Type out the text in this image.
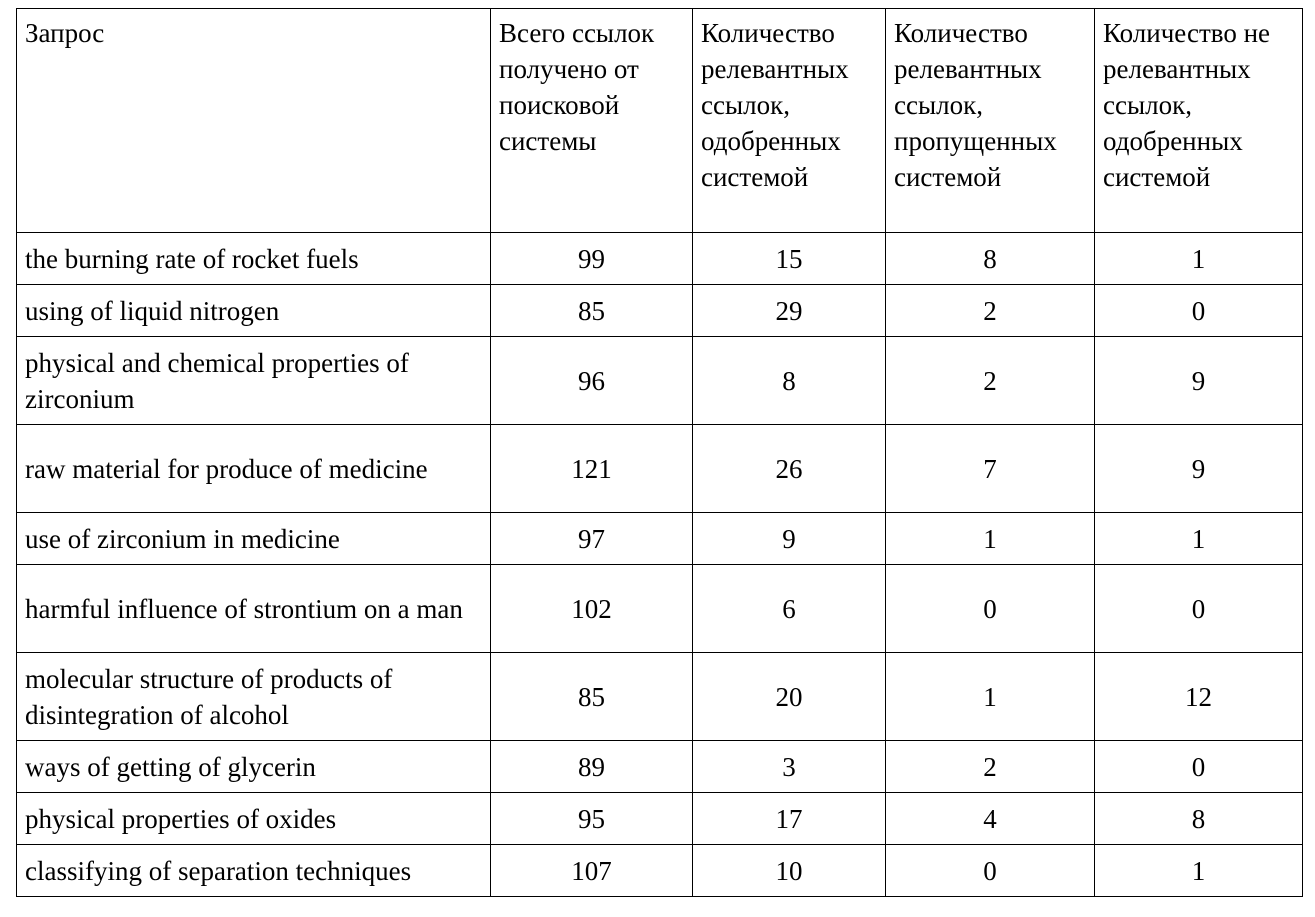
Запрос	Всего ссылок получено от поисковой системы	Количество релевантных ссылок, одобренных системой	Количество релевантных ссылок, пропущенных системой	Количество не релевантных ссылок, одобренных системой
the burning rate of rocket fuels	99	15	8	1
using of liquid nitrogen	85	29	2	0
physical and chemical properties of zirconium	96	8	2	9
raw material for produce of medicine	121	26	7	9
use of zirconium in medicine	97	9	1	1
harmful influence of strontium on a man	102	6	0	0
molecular structure of products of disintegration of alcohol	85	20	1	12
ways of getting of glycerin	89	3	2	0
physical properties of oxides	95	17	4	8
classifying of separation techniques	107	10	0	1
